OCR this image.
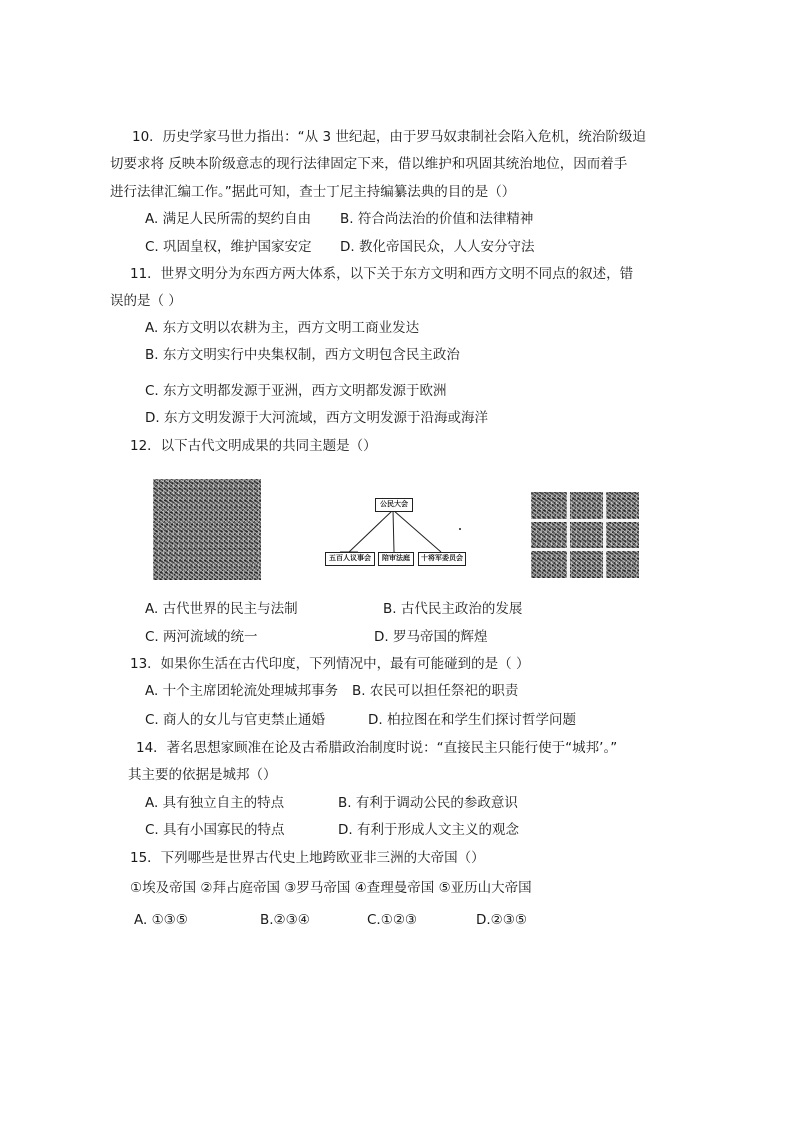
10．历史学家马世力指出：“从 3 世纪起，由于罗马奴隶制社会陷入危机，统治阶级迫
切要求将 反映本阶级意志的现行法律固定下来，借以维护和巩固其统治地位，因而着手
进行法律汇编工作。”据此可知，查士丁尼主持编纂法典的目的是（）
A. 满足人民所需的契约自由 B. 符合尚法治的价值和法律精神
C. 巩固皇权，维护国家安定 D. 教化帝国民众，人人安分守法
11．世界文明分为东西方两大体系，以下关于东方文明和西方文明不同点的叙述，错
误的是（ ）
A. 东方文明以农耕为主，西方文明工商业发达
B. 东方文明实行中央集权制，西方文明包含民主政治
C. 东方文明都发源于亚洲，西方文明都发源于欧洲
D. 东方文明发源于大河流域，西方文明发源于沿海或海洋
12．以下古代文明成果的共同主题是（）
公民大会
五百人议事会	陪审法庭	十将军委员会
A. 古代世界的民主与法制	B. 古代民主政治的发展
C. 两河流域的统一	D. 罗马帝国的辉煌
13．如果你生活在古代印度，下列情况中，最有可能碰到的是（ ）
A. 十个主席团轮流处理城邦事务 B. 农民可以担任祭祀的职责
C. 商人的女儿与官吏禁止通婚	D. 柏拉图在和学生们探讨哲学问题
14．著名思想家顾准在论及古希腊政治制度时说：“直接民主只能行使于“城邦’。”
其主要的依据是城邦（）
A. 具有独立自主的特点	B. 有利于调动公民的参政意识
C. 具有小国寡民的特点	D. 有利于形成人文主义的观念
15．下列哪些是世界古代史上地跨欧亚非三洲的大帝国（）
①埃及帝国 ②拜占庭帝国 ③罗马帝国 ④查理曼帝国 ⑤亚历山大帝国
A. ①③⑤	B.②③④	C.①②③	D.②③⑤
